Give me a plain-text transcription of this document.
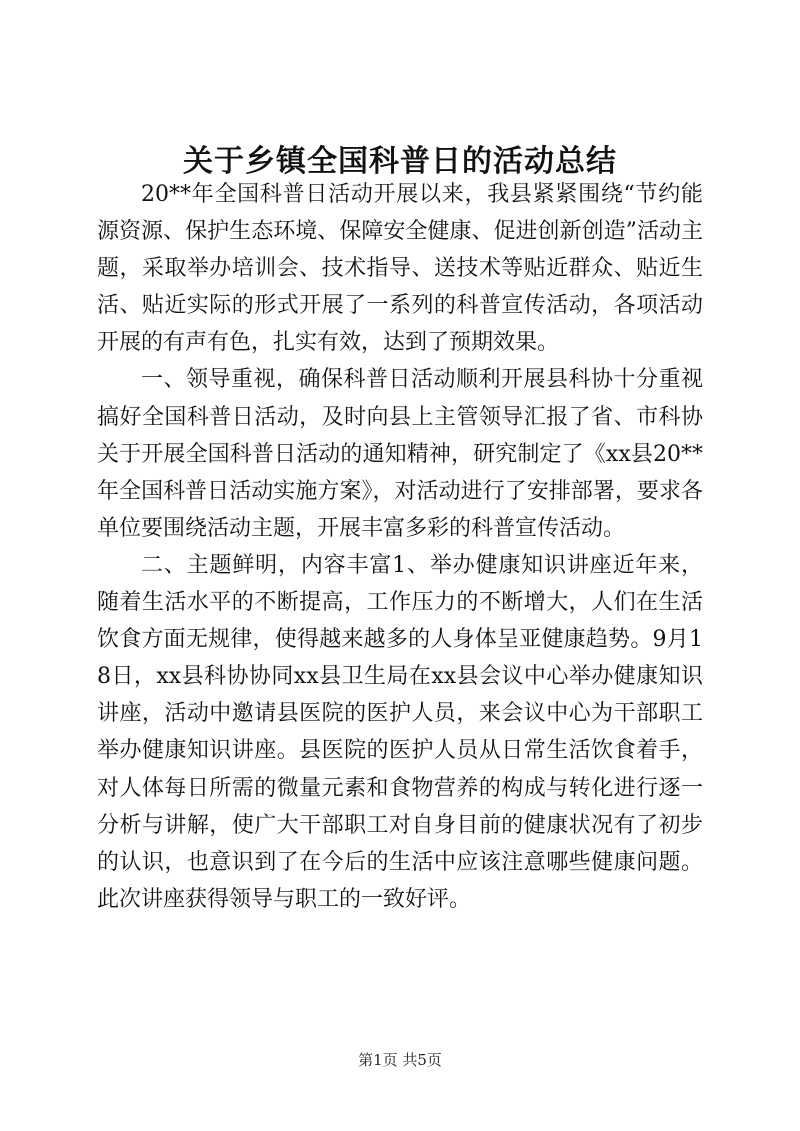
关于乡镇全国科普日的活动总结

20**年全国科普日活动开展以来，我县紧紧围绕“节约能源资源、保护生态环境、保障安全健康、促进创新创造”活动主题，采取举办培训会、技术指导、送技术等贴近群众、贴近生活、贴近实际的形式开展了一系列的科普宣传活动，各项活动开展的有声有色，扎实有效，达到了预期效果。

一、领导重视，确保科普日活动顺利开展县科协十分重视搞好全国科普日活动，及时向县上主管领导汇报了省、市科协关于开展全国科普日活动的通知精神，研究制定了《xx县20**年全国科普日活动实施方案》，对活动进行了安排部署，要求各单位要围绕活动主题，开展丰富多彩的科普宣传活动。

二、主题鲜明，内容丰富1、举办健康知识讲座近年来，随着生活水平的不断提高，工作压力的不断增大，人们在生活饮食方面无规律，使得越来越多的人身体呈亚健康趋势。9月18日，xx县科协协同xx县卫生局在xx县会议中心举办健康知识讲座，活动中邀请县医院的医护人员，来会议中心为干部职工举办健康知识讲座。县医院的医护人员从日常生活饮食着手，对人体每日所需的微量元素和食物营养的构成与转化进行逐一分析与讲解，使广大干部职工对自身目前的健康状况有了初步的认识，也意识到了在今后的生活中应该注意哪些健康问题。此次讲座获得领导与职工的一致好评。

第1页 共5页
